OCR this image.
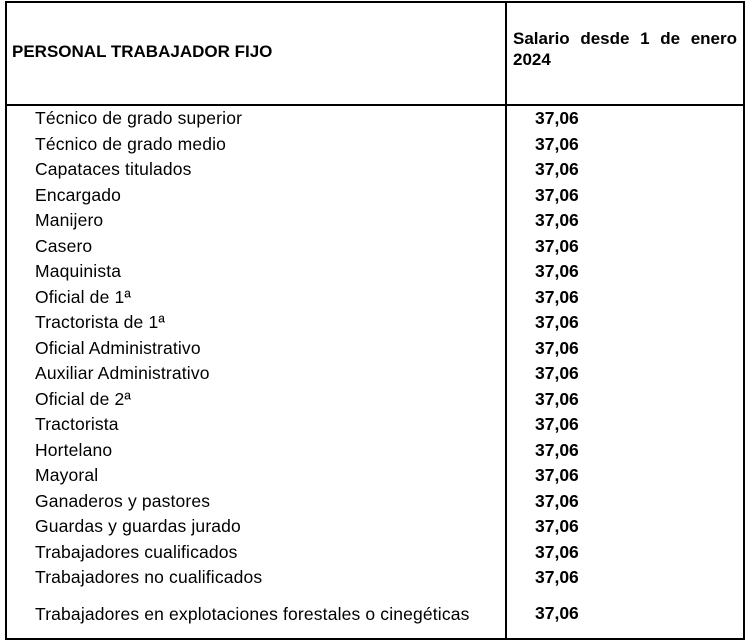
PERSONAL TRABAJADOR FIJO	Salario desde 1 de enero 2024

Técnico de grado superior	37,06
Técnico de grado medio	37,06
Capataces titulados	37,06
Encargado	37,06
Manijero	37,06
Casero	37,06
Maquinista	37,06
Oficial de 1ª	37,06
Tractorista de 1ª	37,06
Oficial Administrativo	37,06
Auxiliar Administrativo	37,06
Oficial de 2ª	37,06
Tractorista	37,06
Hortelano	37,06
Mayoral	37,06
Ganaderos y pastores	37,06
Guardas y guardas jurado	37,06
Trabajadores cualificados	37,06
Trabajadores no cualificados	37,06
Trabajadores en explotaciones forestales o cinegéticas	37,06
